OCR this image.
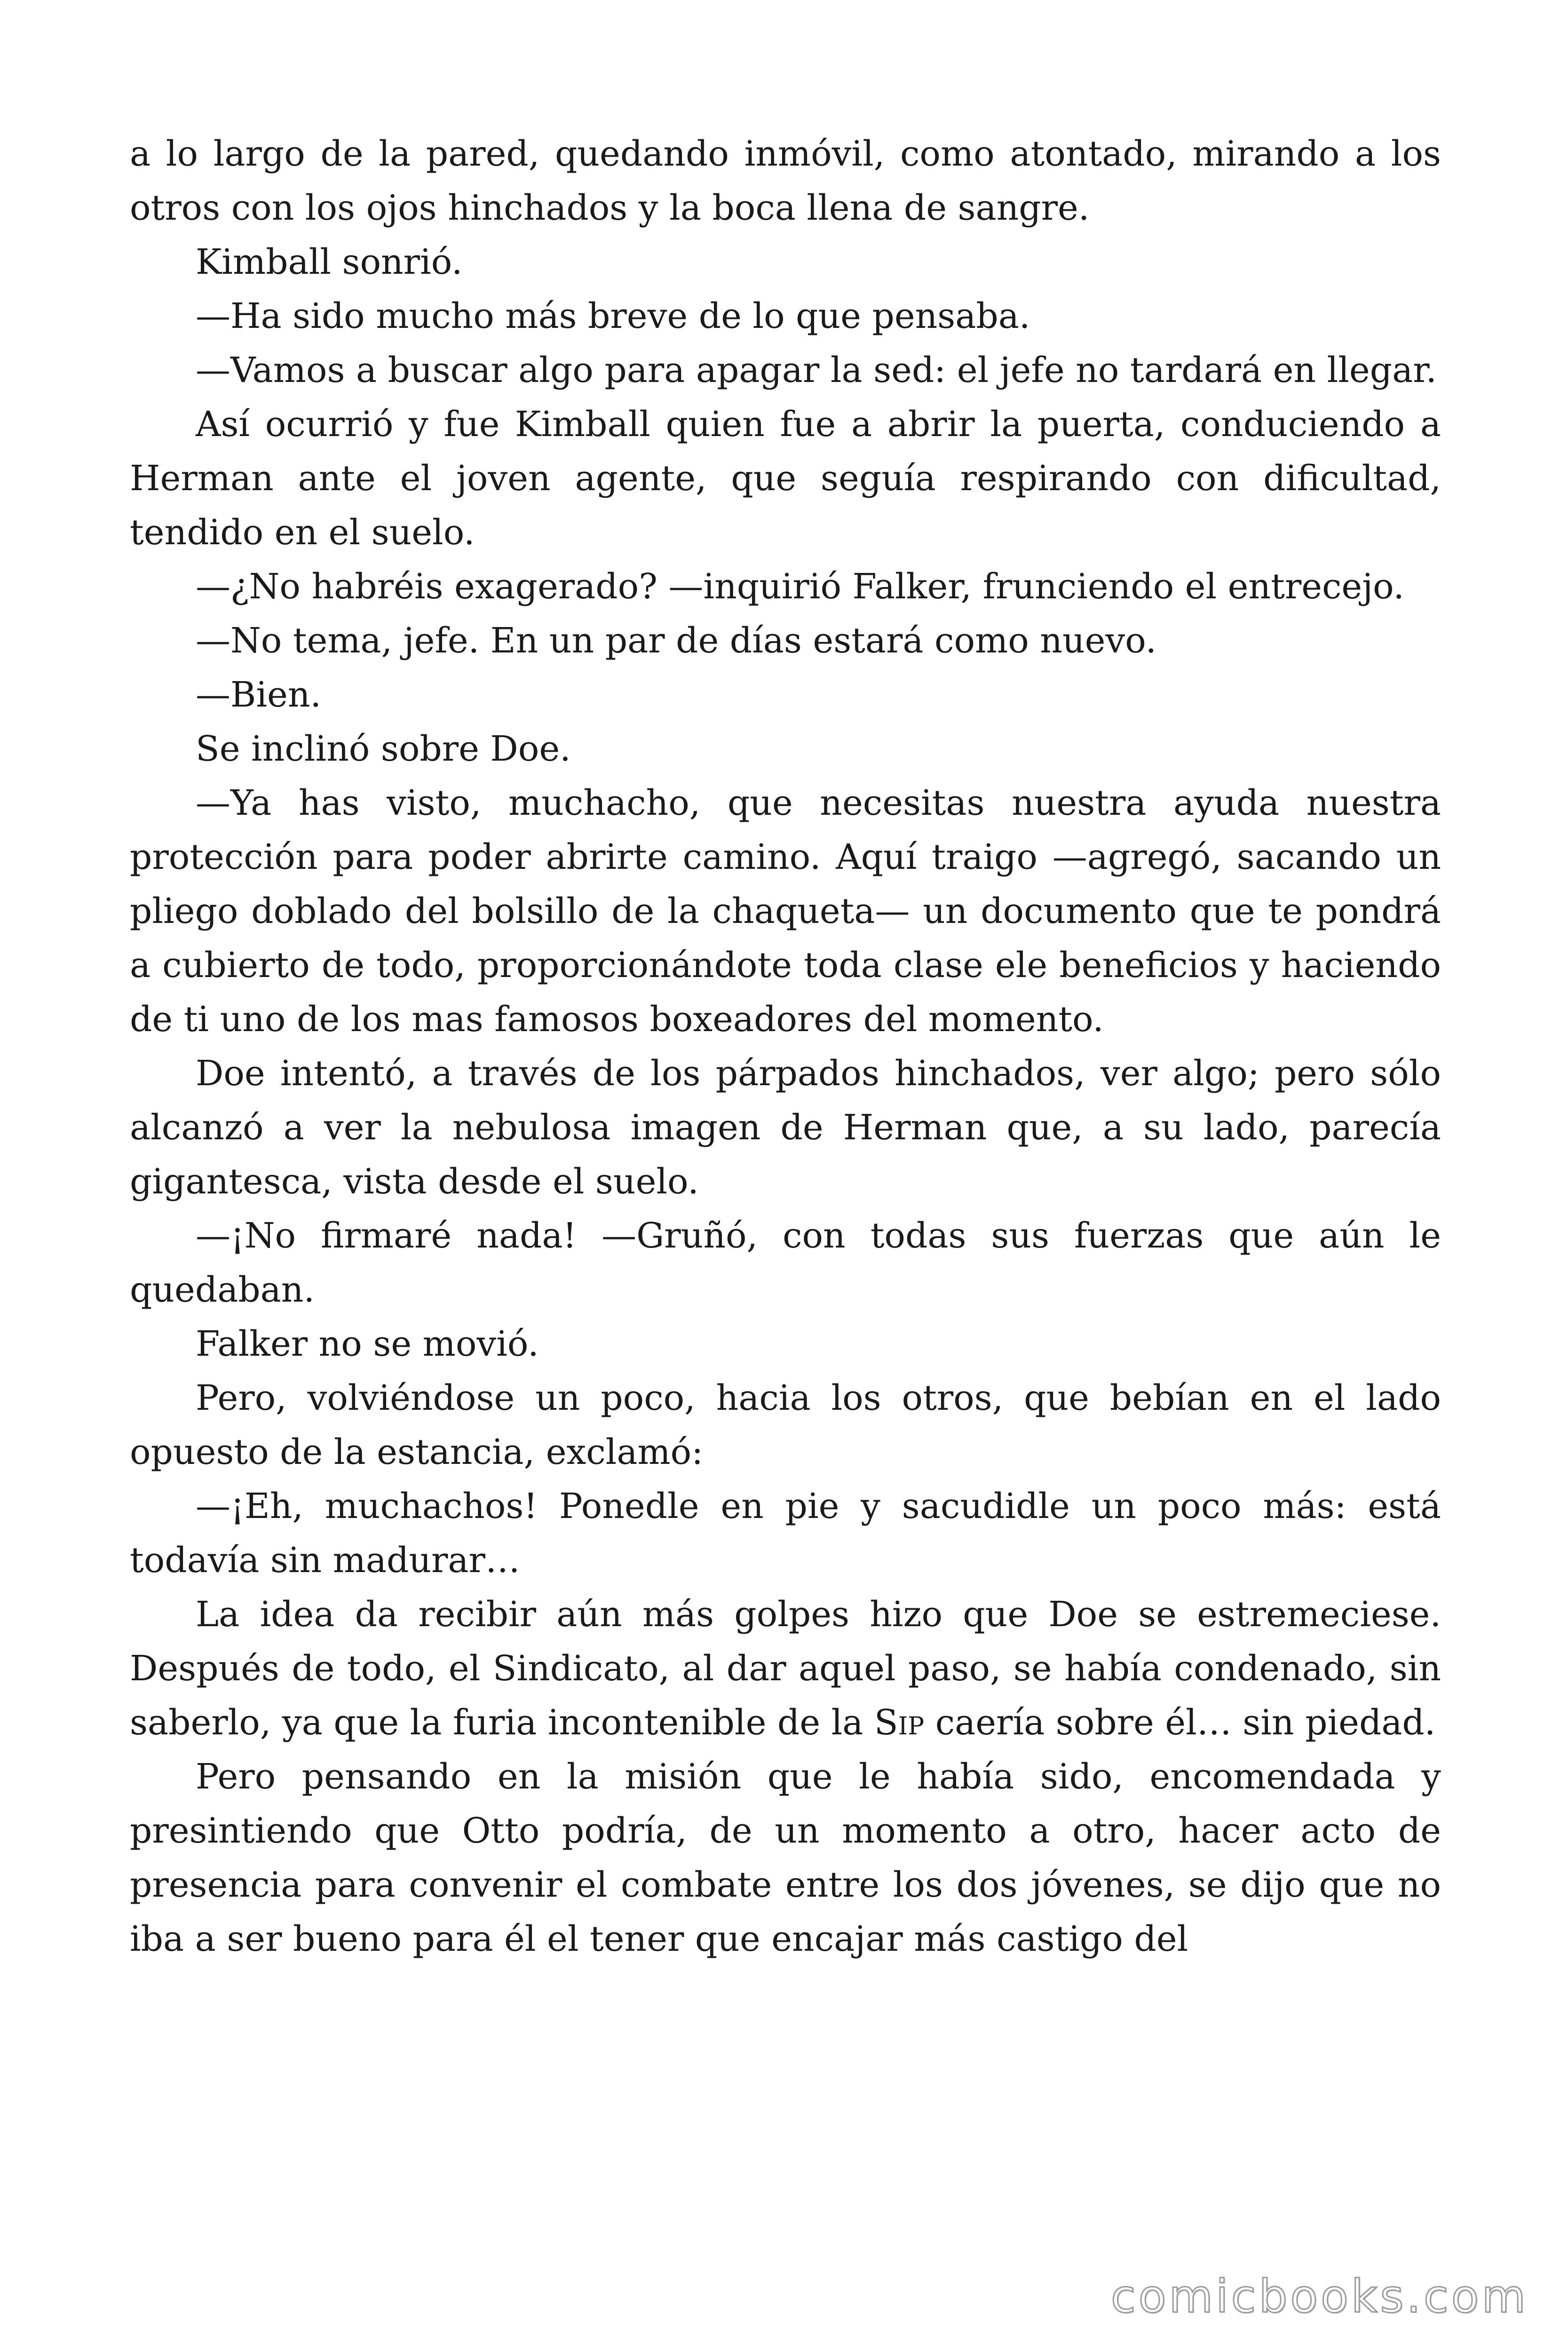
a lo largo de la pared, quedando inmóvil, como atontado, mirando a los otros con los ojos hinchados y la boca llena de sangre.

Kimball sonrió.

—Ha sido mucho más breve de lo que pensaba.

—Vamos a buscar algo para apagar la sed: el jefe no tardará en llegar.

Así ocurrió y fue Kimball quien fue a abrir la puerta, conduciendo a Herman ante el joven agente, que seguía respirando con dificultad, tendido en el suelo.

—¿No habréis exagerado? —inquirió Falker, frunciendo el entrecejo.

—No tema, jefe. En un par de días estará como nuevo.

—Bien.

Se inclinó sobre Doe.

—Ya has visto, muchacho, que necesitas nuestra ayuda nuestra protección para poder abrirte camino. Aquí traigo —agregó, sacando un pliego doblado del bolsillo de la chaqueta— un documento que te pondrá a cubierto de todo, proporcionándote toda clase ele beneficios y haciendo de ti uno de los mas famosos boxeadores del momento.

Doe intentó, a través de los párpados hinchados, ver algo; pero sólo alcanzó a ver la nebulosa imagen de Herman que, a su lado, parecía gigantesca, vista desde el suelo.

—¡No firmaré nada! —Gruñó, con todas sus fuerzas que aún le quedaban.

Falker no se movió.

Pero, volviéndose un poco, hacia los otros, que bebían en el lado opuesto de la estancia, exclamó:

—¡Eh, muchachos! Ponedle en pie y sacudidle un poco más: está todavía sin madurar…

La idea da recibir aún más golpes hizo que Doe se estremeciese. Después de todo, el Sindicato, al dar aquel paso, se había condenado, sin saberlo, ya que la furia incontenible de la Sip caería sobre él… sin piedad.

Pero pensando en la misión que le había sido, encomendada y presintiendo que Otto podría, de un momento a otro, hacer acto de presencia para convenir el combate entre los dos jóvenes, se dijo que no iba a ser bueno para él el tener que encajar más castigo del

comicbooks.com
